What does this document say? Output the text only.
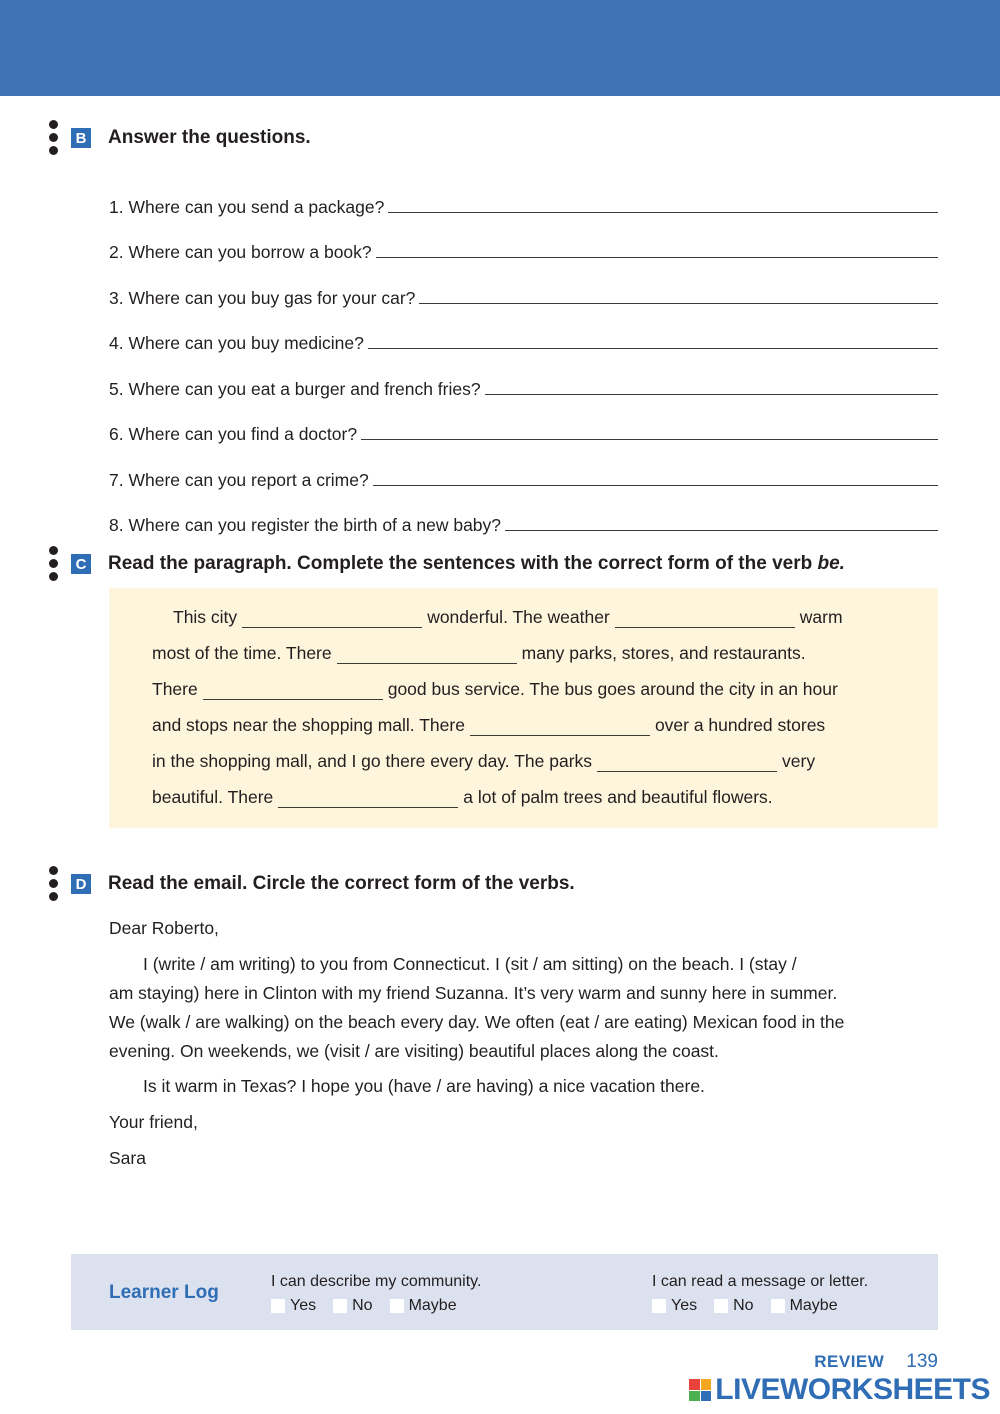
B Answer the questions.
1. Where can you send a package?
2. Where can you borrow a book?
3. Where can you buy gas for your car?
4. Where can you buy medicine?
5. Where can you eat a burger and french fries?
6. Where can you find a doctor?
7. Where can you report a crime?
8. Where can you register the birth of a new baby?
C Read the paragraph. Complete the sentences with the correct form of the verb be.
This city	wonderful. The weather	warm
most of the time. There	many parks, stores, and restaurants.
There	good bus service. The bus goes around the city in an hour
and stops near the shopping mall. There	over a hundred stores
in the shopping mall, and I go there every day. The parks	very
beautiful. There	a lot of palm trees and beautiful flowers.
D Read the email. Circle the correct form of the verbs.

Dear Roberto,

I (write / am writing) to you from Connecticut. I (sit / am sitting) on the beach. I (stay /

am staying) here in Clinton with my friend Suzanna. It’s very warm and sunny here in summer.

We (walk / are walking) on the beach every day. We often (eat / are eating) Mexican food in the

evening. On weekends, we (visit / are visiting) beautiful places along the coast.

Is it warm in Texas? I hope you (have / are having) a nice vacation there.

Your friend,

Sara

Learner Log
I can describe my community.
Yes No Maybe
I can read a message or letter.
Yes No Maybe
REVIEW 139
LIVEWORKSHEETS
